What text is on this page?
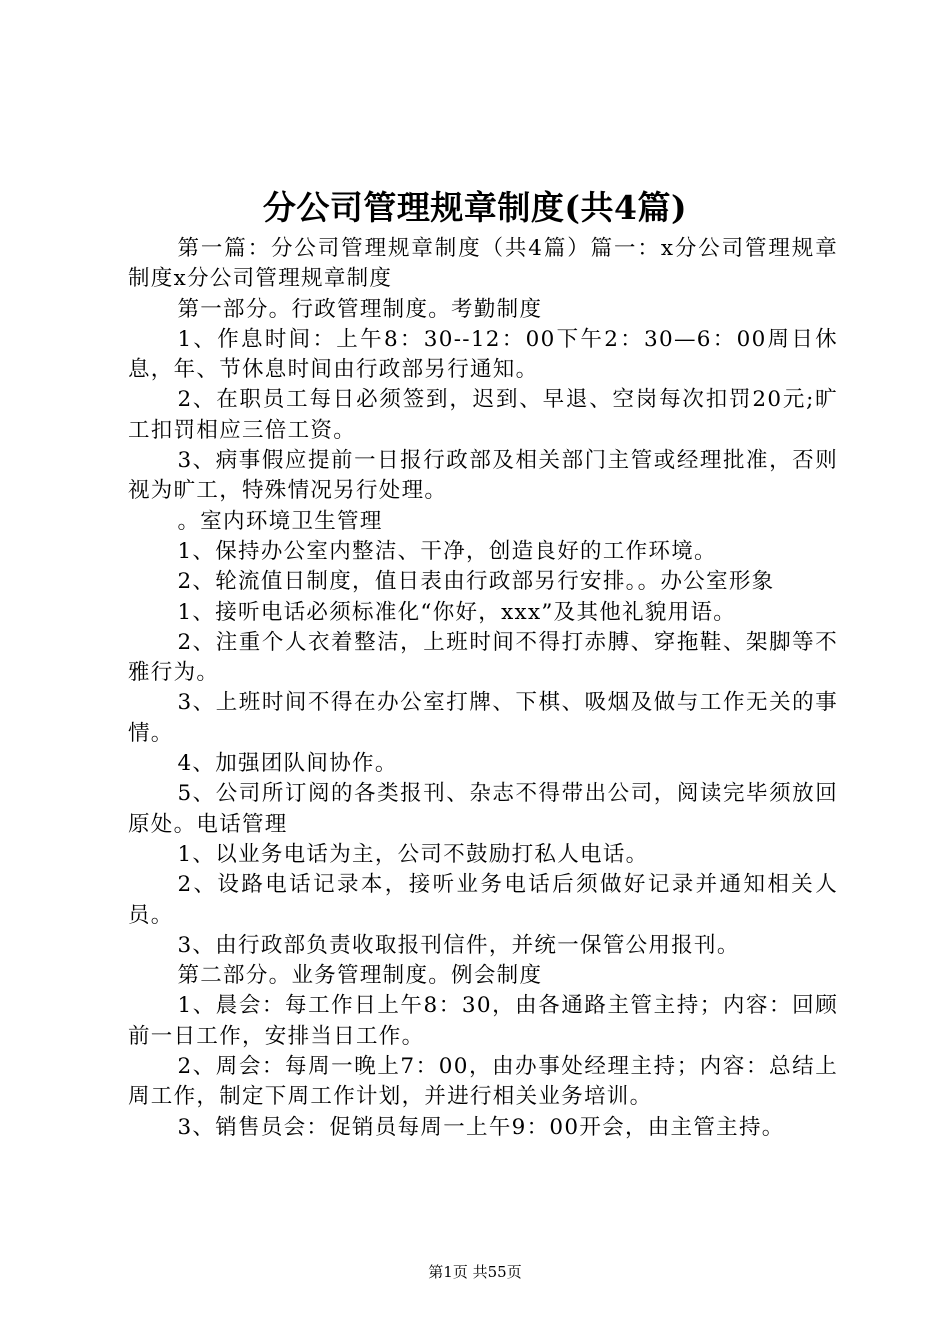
分公司管理规章制度(共4篇)

第一篇：分公司管理规章制度（共4篇）篇一：x分公司管理规章制度x分公司管理规章制度

第一部分。行政管理制度。考勤制度

1、作息时间：上午8：30--12：00下午2：30—6：00周日休息，年、节休息时间由行政部另行通知。

2、在职员工每日必须签到，迟到、早退、空岗每次扣罚20元;旷工扣罚相应三倍工资。

3、病事假应提前一日报行政部及相关部门主管或经理批准，否则视为旷工，特殊情况另行处理。

。室内环境卫生管理

1、保持办公室内整洁、干净，创造良好的工作环境。

2、轮流值日制度，值日表由行政部另行安排。。办公室形象

1、接听电话必须标准化“你好，xxx”及其他礼貌用语。

2、注重个人衣着整洁，上班时间不得打赤膊、穿拖鞋、架脚等不雅行为。

3、上班时间不得在办公室打牌、下棋、吸烟及做与工作无关的事情。

4、加强团队间协作。

5、公司所订阅的各类报刊、杂志不得带出公司，阅读完毕须放回原处。电话管理

1、以业务电话为主，公司不鼓励打私人电话。

2、设路电话记录本，接听业务电话后须做好记录并通知相关人员。

3、由行政部负责收取报刊信件，并统一保管公用报刊。

第二部分。业务管理制度。例会制度

1、晨会：每工作日上午8：30，由各通路主管主持；内容：回顾前一日工作，安排当日工作。

2、周会：每周一晚上7：00，由办事处经理主持；内容：总结上周工作，制定下周工作计划，并进行相关业务培训。

3、销售员会：促销员每周一上午9：00开会，由主管主持。

第1页 共55页
